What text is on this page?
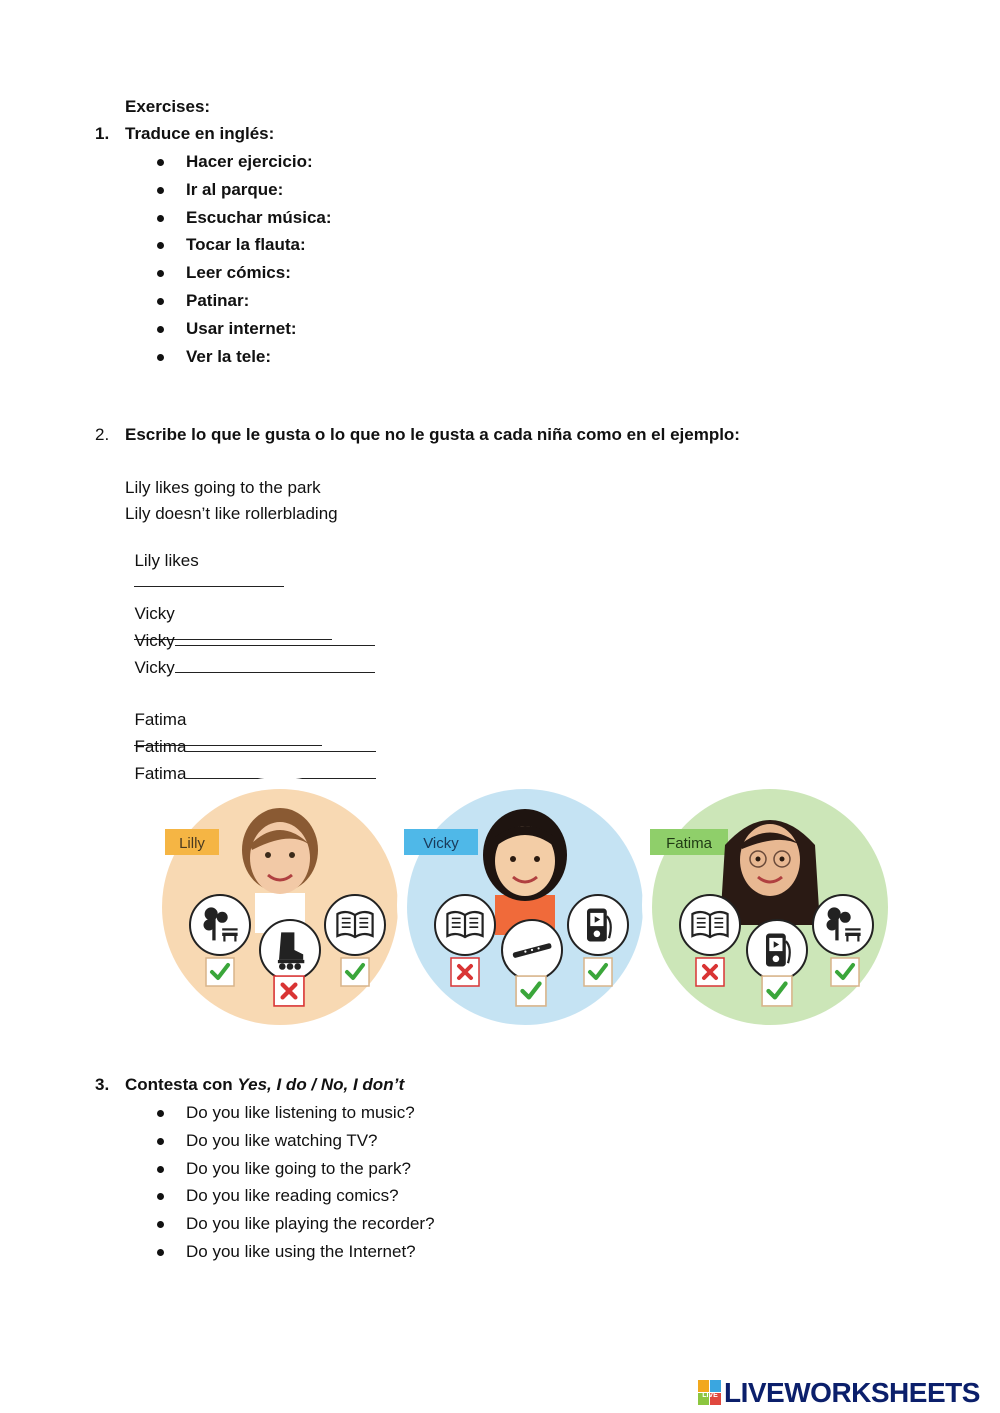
Exercises:
1. Traduce en inglés:
Hacer ejercicio:
Ir al parque:
Escuchar música:
Tocar la flauta:
Leer cómics:
Patinar:
Usar internet:
Ver la tele:
2. Escribe lo que le gusta o lo que no le gusta a cada niña como en el ejemplo:
Lily likes going to the park
Lily doesn’t like rollerblading

Lily likes

Vicky

Vicky

Vicky

Fatima

Fatima

Fatima

Lilly	Vicky	Fatima
3. Contesta con Yes, I do / No, I don’t
Do you like listening to music?
Do you like watching TV?
Do you like going to the park?
Do you like reading comics?
Do you like playing the recorder?
Do you like using the Internet?
LIVE LIVEWORKSHEETS
